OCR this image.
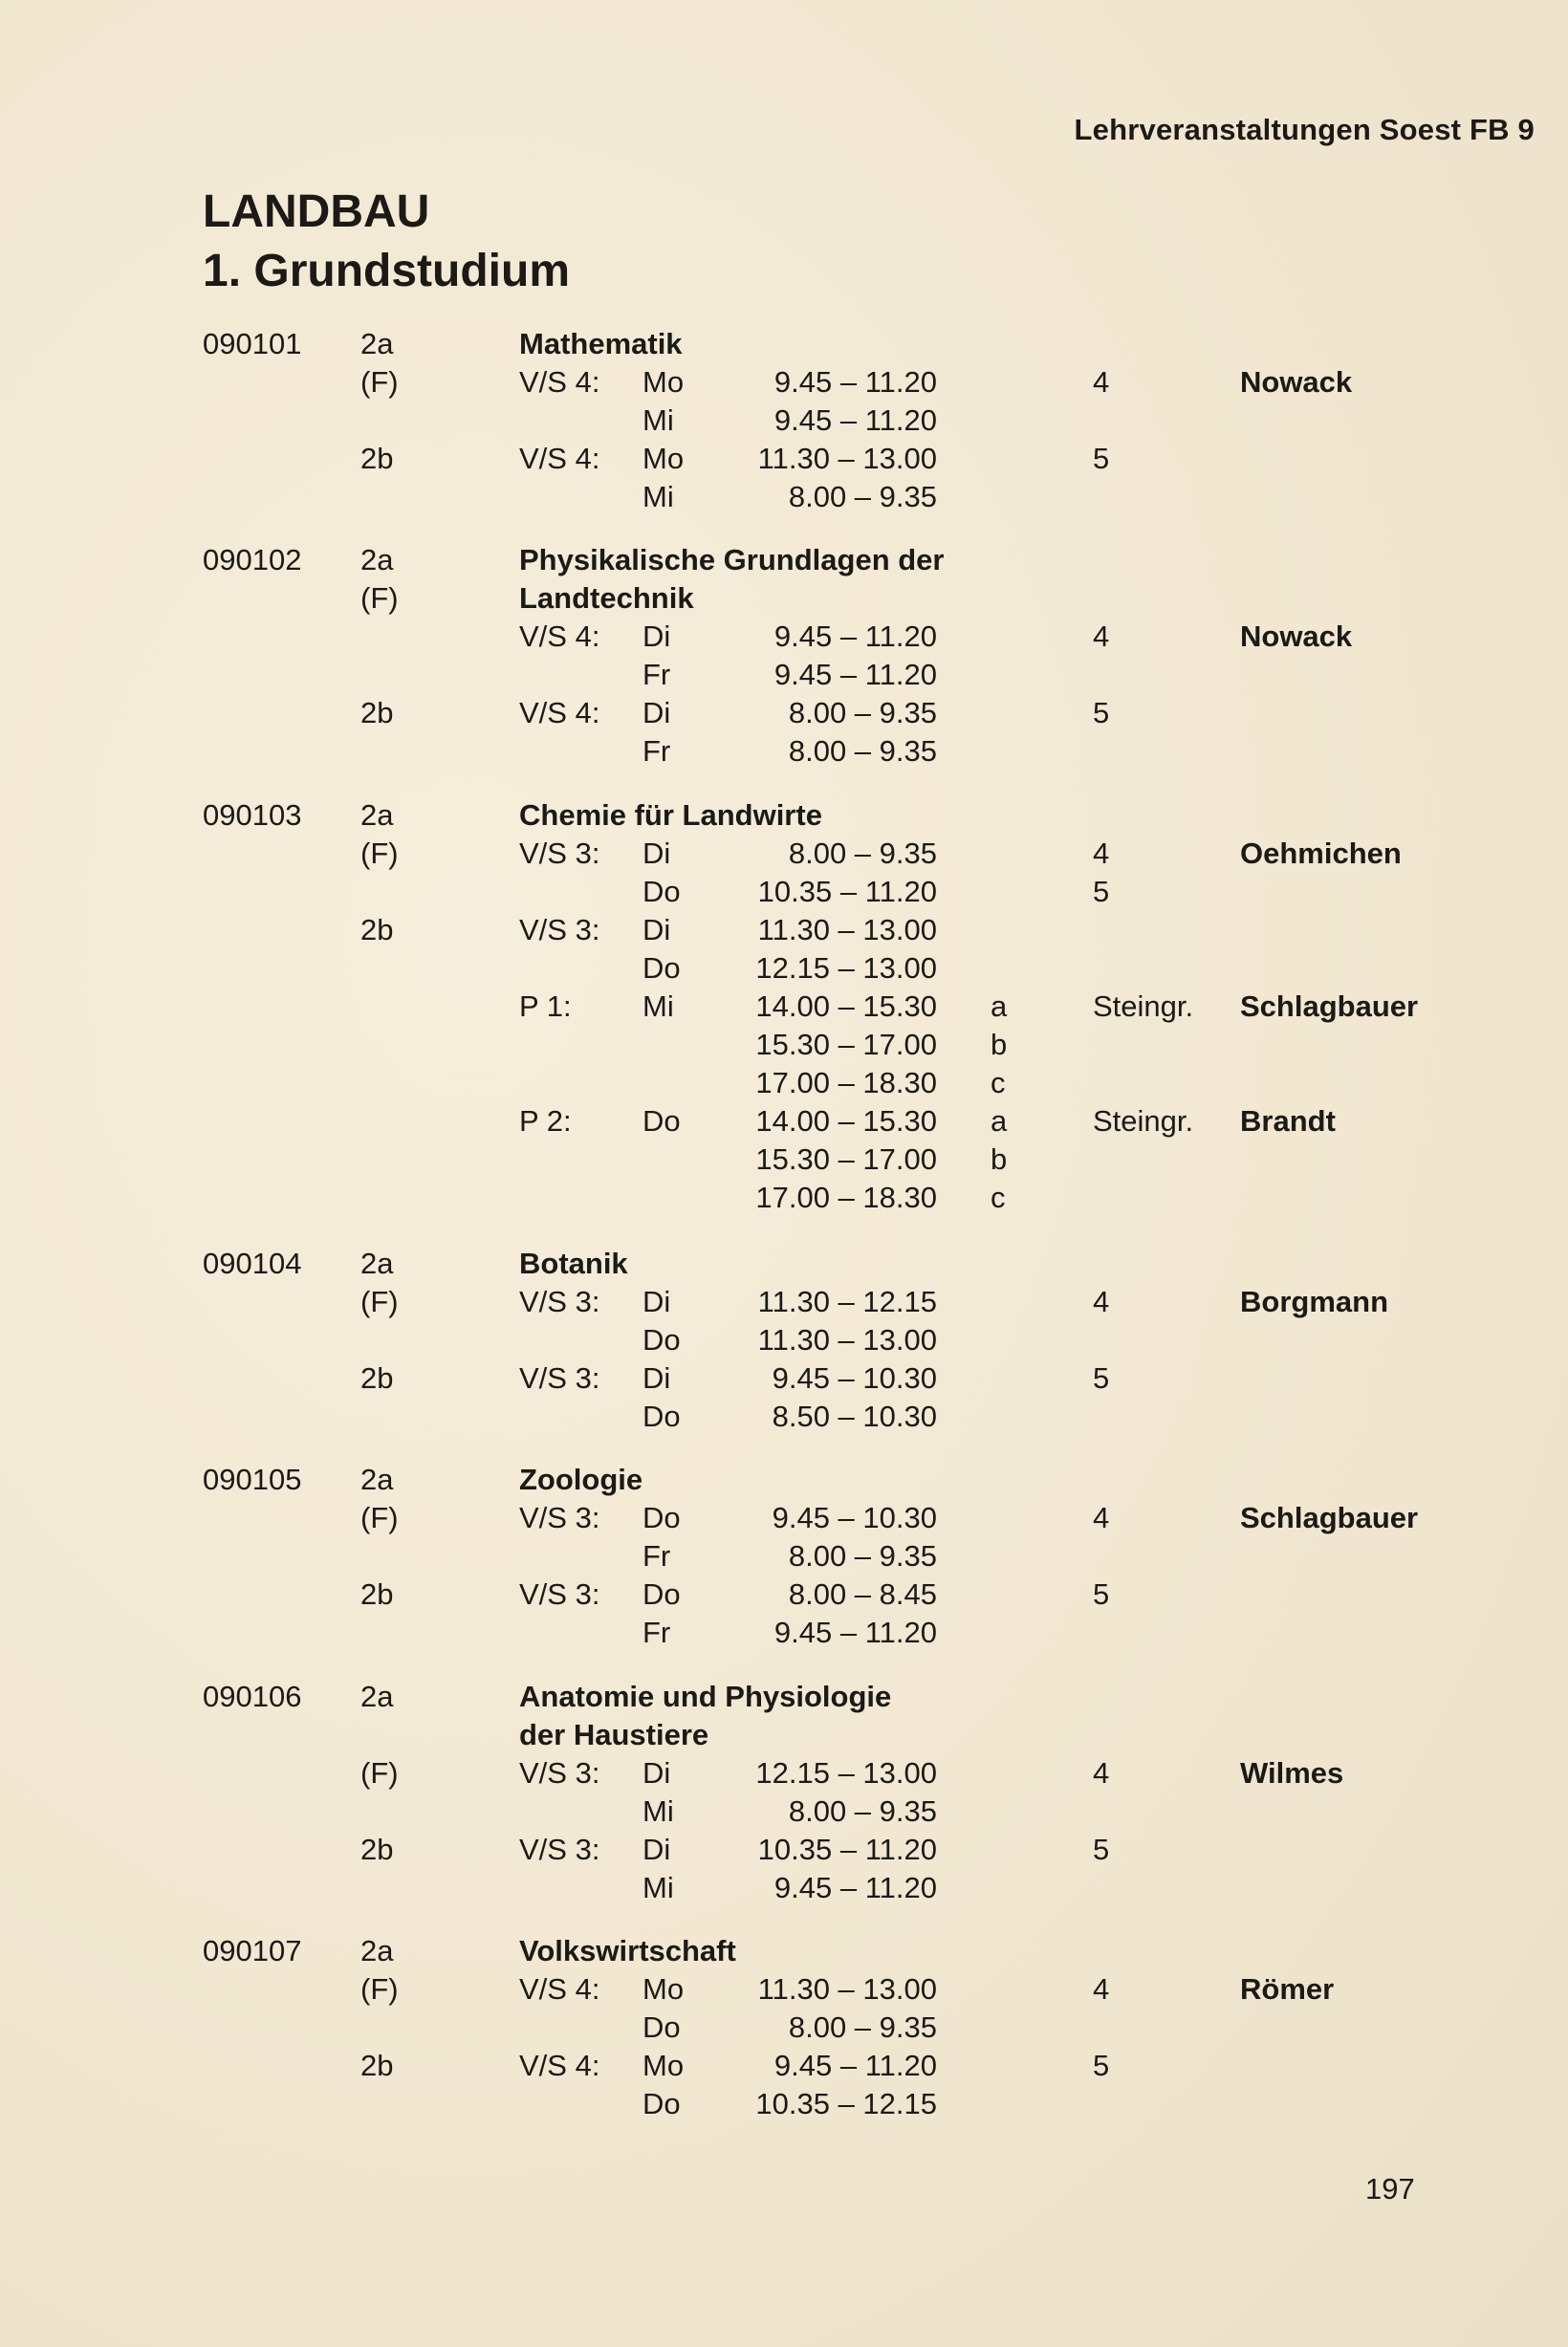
Lehrveranstaltungen Soest FB 9
LANDBAU
1. Grundstudium
090101 2a	Mathematik
(F)	V/S 4: Mo	9.45 – 11.20	4	Nowack
Mi	9.45 – 11.20
2b	V/S 4: Mo	11.30 – 13.00	5
Mi	8.00 – 9.35
090102 2a	Physikalische Grundlagen der
(F)	Landtechnik
V/S 4: Di	9.45 – 11.20	4	Nowack
Fr	9.45 – 11.20
2b	V/S 4: Di	8.00 – 9.35	5
Fr	8.00 – 9.35
090103 2a	Chemie für Landwirte
(F)	V/S 3: Di	8.00 – 9.35	4	Oehmichen
Do	10.35 – 11.20	5
2b	V/S 3: Di	11.30 – 13.00
Do	12.15 – 13.00
P 1: Mi	14.00 – 15.30 a	Steingr. Schlagbauer
15.30 – 17.00 b
17.00 – 18.30 c
P 2: Do	14.00 – 15.30 a	Steingr. Brandt
15.30 – 17.00 b
17.00 – 18.30 c
090104 2a	Botanik
(F)	V/S 3: Di	11.30 – 12.15	4	Borgmann
Do	11.30 – 13.00
2b	V/S 3: Di	9.45 – 10.30	5
Do	8.50 – 10.30
090105 2a	Zoologie
(F)	V/S 3: Do	9.45 – 10.30	4	Schlagbauer
Fr	8.00 – 9.35
2b	V/S 3: Do	8.00 – 8.45	5
Fr	9.45 – 11.20
090106 2a	Anatomie und Physiologie
der Haustiere
(F)	V/S 3: Di	12.15 – 13.00	4	Wilmes
Mi	8.00 – 9.35
2b	V/S 3: Di	10.35 – 11.20	5
Mi	9.45 – 11.20
090107 2a	Volkswirtschaft
(F)	V/S 4: Mo	11.30 – 13.00	4	Römer
Do	8.00 – 9.35
2b	V/S 4: Mo	9.45 – 11.20	5
Do	10.35 – 12.15
197
